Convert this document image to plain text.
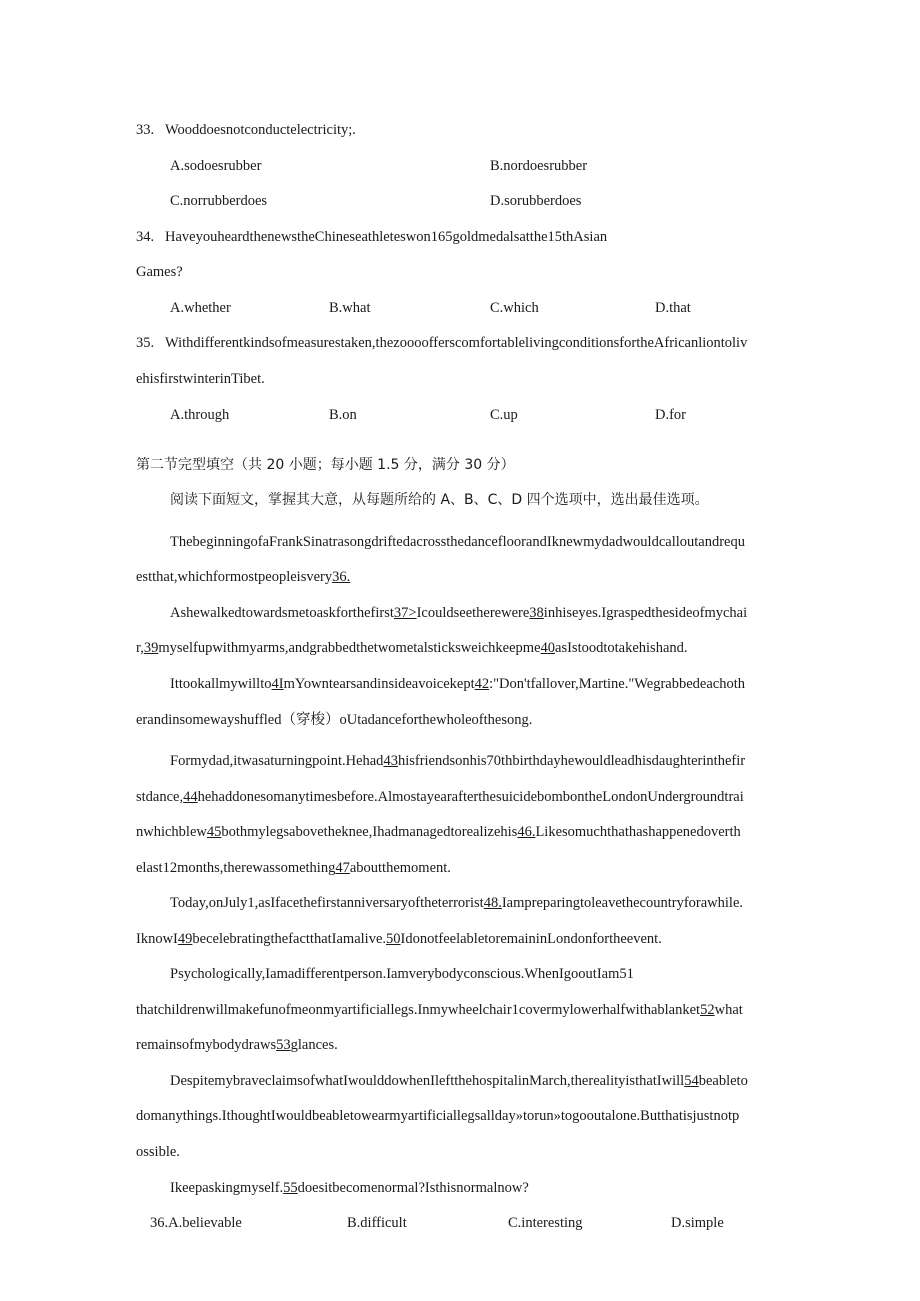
33.   Wooddoesnotconductelectricity;.
A.sodoesrubber	B.nordoesrubber
C.norrubberdoes	D.sorubberdoes
34.   HaveyouheardthenewstheChineseathleteswon165goldmedalsatthe15thAsian
Games?
A.whether	B.what	C.which	D.that
35.   Withdifferentkindsofmeasurestaken,thezoooofferscomfortablelivingconditionsfortheAfricanliontoliv
ehisfirstwinterinTibet.
A.through	B.on	C.up	D.for
第二节完型填空（共 20 小题；每小题 1.5 分，满分 30 分）
阅读下面短文，掌握其大意，从每题所给的 A、B、C、D 四个选项中，选出最佳选项。
ThebeginningofaFrankSinatrasongdriftedacrossthedancefloorandIknewmydadwouldcalloutandrequ
estthat,whichformostpeopleisvery36.
Ashewalkedtowardsmetoaskforthefirst37>Icouldseetherewere38inhiseyes.Igraspedthesideofmychai
r,39myselfupwithmyarms,andgrabbedthetwometalsticksweichkeepme40asIstoodtotakehishand.
Ittookallmywillto4ImYowntearsandinsideavoicekept42:"Don'tfallover,Martine."Wegrabbedeachoth
erandinsomewayshuffled（穿梭）oUtadanceforthewholeofthesong.
Formydad,itwasaturningpoint.Hehad43hisfriendsonhis70thbirthdayhewouldleadhisdaughterinthefir
stdance,44hehaddonesomanytimesbefore.AlmostayearafterthesuicidebombontheLondonUndergroundtrai
nwhichblew45bothmylegsabovetheknee,Ihadmanagedtorealizehis46.Likesomuchthathashappenedoverth
elast12months,therewassomething47aboutthemoment.
Today,onJuly1,asIfacethefirstanniversaryoftheterrorist48.Iampreparingtoleavethecountryforawhile.
IknowI49becelebratingthefactthatIamalive.50IdonotfeelabletoremaininLondonfortheevent.
Psychologically,Iamadifferentperson.Iamverybodyconscious.WhenIgooutIam51
thatchildrenwillmakefunofmeonmyartificiallegs.Inmywheelchair1covermylowerhalfwithablanket52what
remainsofmybodydraws53glances.
DespitemybraveclaimsofwhatIwoulddowhenIleftthehospitalinMarch,therealityisthatIwill54beableto
domanythings.IthoughtIwouldbeabletowearmyartificiallegsallday»torun»togooutalone.Butthatisjustnotp
ossible.
Ikeepaskingmyself.55doesitbecomenormal?Isthisnormalnow?
36.A.believable	B.difficult	C.interesting	D.simple
